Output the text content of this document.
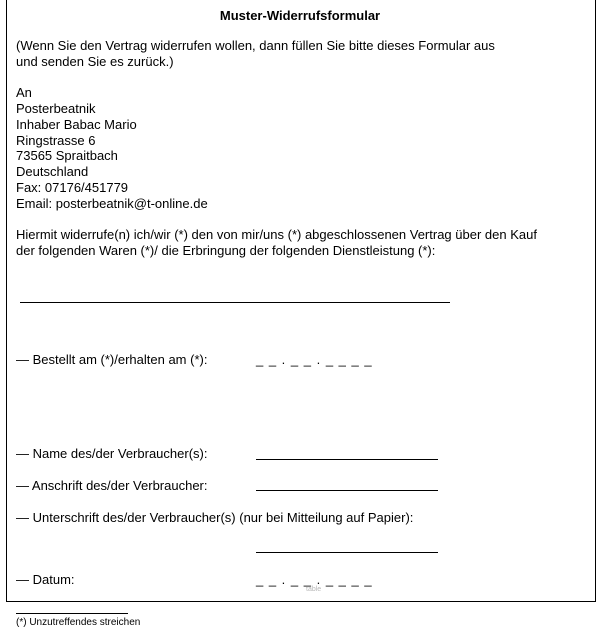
Muster-Widerrufsformular
(Wenn Sie den Vertrag widerrufen wollen, dann füllen Sie bitte dieses Formular aus
und senden Sie es zurück.)
An
Posterbeatnik
Inhaber Babac Mario
Ringstrasse 6
73565 Spraitbach
Deutschland
Fax: 07176/451779
Email: posterbeatnik@t-online.de
Hiermit widerrufe(n) ich/wir (*) den von mir/uns (*) abgeschlossenen Vertrag über den Kauf
der folgenden Waren (*)/ die Erbringung der folgenden Dienstleistung (*):
— Bestellt am (*)/erhalten am (*):	_ _ . _ _ . _ _ _ _
— Name des/der Verbraucher(s):
— Anschrift des/der Verbraucher:
— Unterschrift des/der Verbraucher(s) (nur bei Mitteilung auf Papier):
— Datum:	_ _ . _ _ . _ _ _ _
table
(*) Unzutreffendes streichen
